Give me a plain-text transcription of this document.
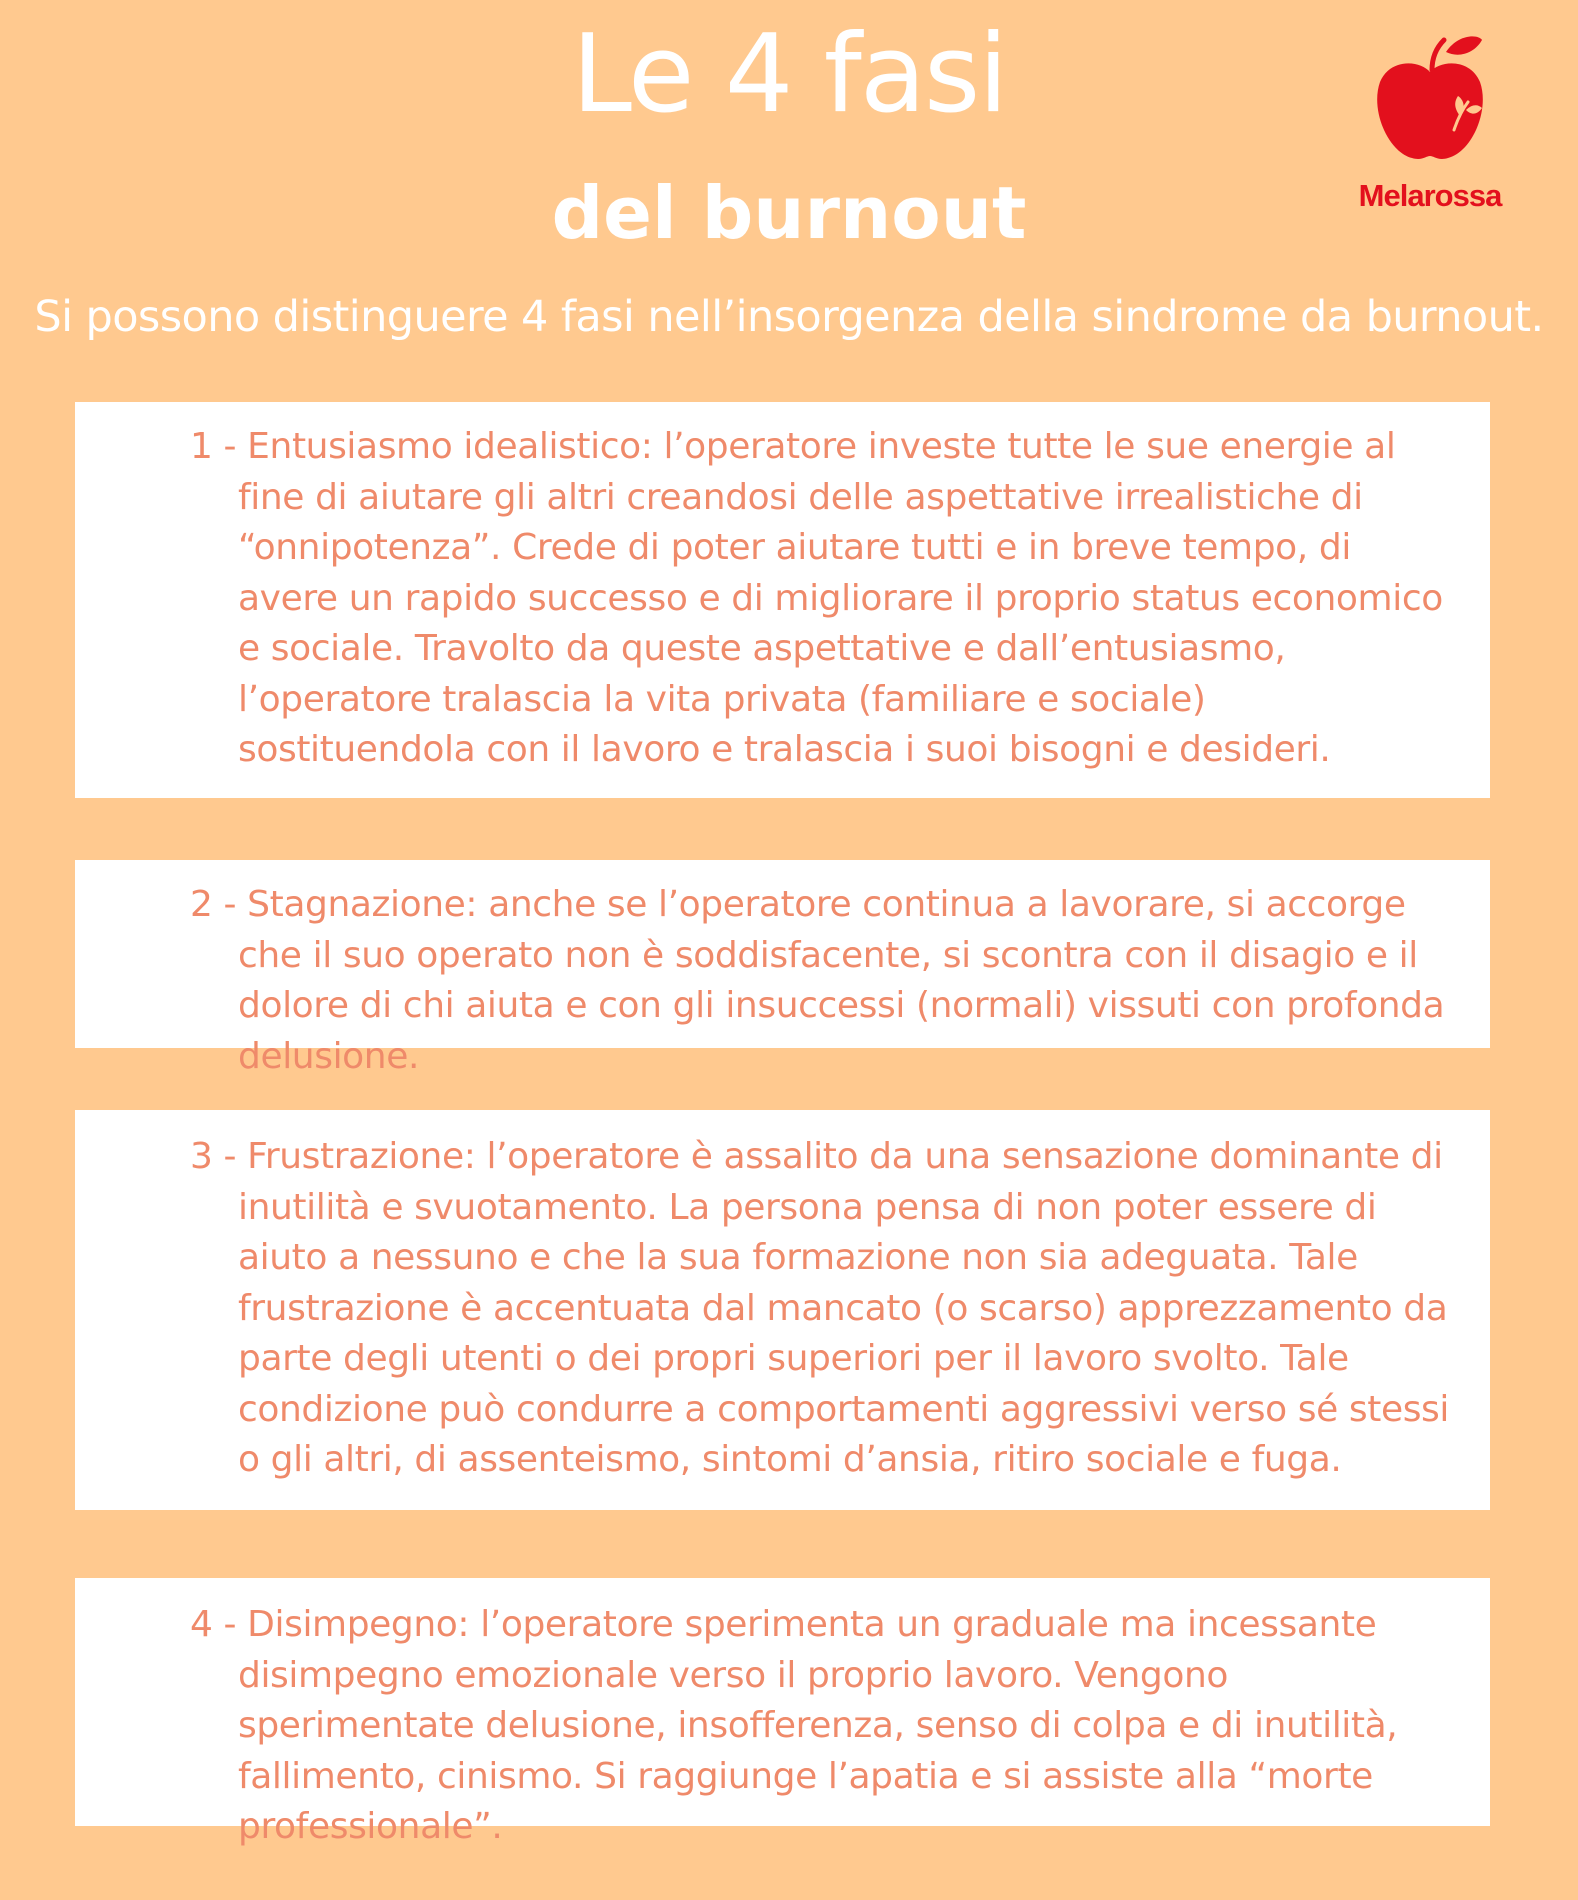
Le 4 fasi
del burnout

Si possono distinguere 4 fasi nell’insorgenza della sindrome da burnout.

Melarossa

1 - Entusiasmo idealistico: l’operatore investe tutte le sue energie al fine di aiutare gli altri creandosi delle aspettative irrealistiche di “onnipotenza”. Crede di poter aiutare tutti e in breve tempo, di avere un rapido successo e di migliorare il proprio status economico e sociale. Travolto da queste aspettative e dall’entusiasmo, l’operatore tralascia la vita privata (familiare e sociale) sostituendola con il lavoro e tralascia i suoi bisogni e desideri.

2 - Stagnazione: anche se l’operatore continua a lavorare, si accorge che il suo operato non è soddisfacente, si scontra con il disagio e il dolore di chi aiuta e con gli insuccessi (normali) vissuti con profonda delusione.

3 - Frustrazione: l’operatore è assalito da una sensazione dominante di inutilità e svuotamento. La persona pensa di non poter essere di aiuto a nessuno e che la sua formazione non sia adeguata. Tale frustrazione è accentuata dal mancato (o scarso) apprezzamento da parte degli utenti o dei propri superiori per il lavoro svolto. Tale condizione può condurre a comportamenti aggressivi verso sé stessi o gli altri, di assenteismo, sintomi d’ansia, ritiro sociale e fuga.

4 - Disimpegno: l’operatore sperimenta un graduale ma incessante disimpegno emozionale verso il proprio lavoro. Vengono sperimentate delusione, insofferenza, senso di colpa e di inutilità, fallimento, cinismo. Si raggiunge l’apatia e si assiste alla “morte professionale”.
